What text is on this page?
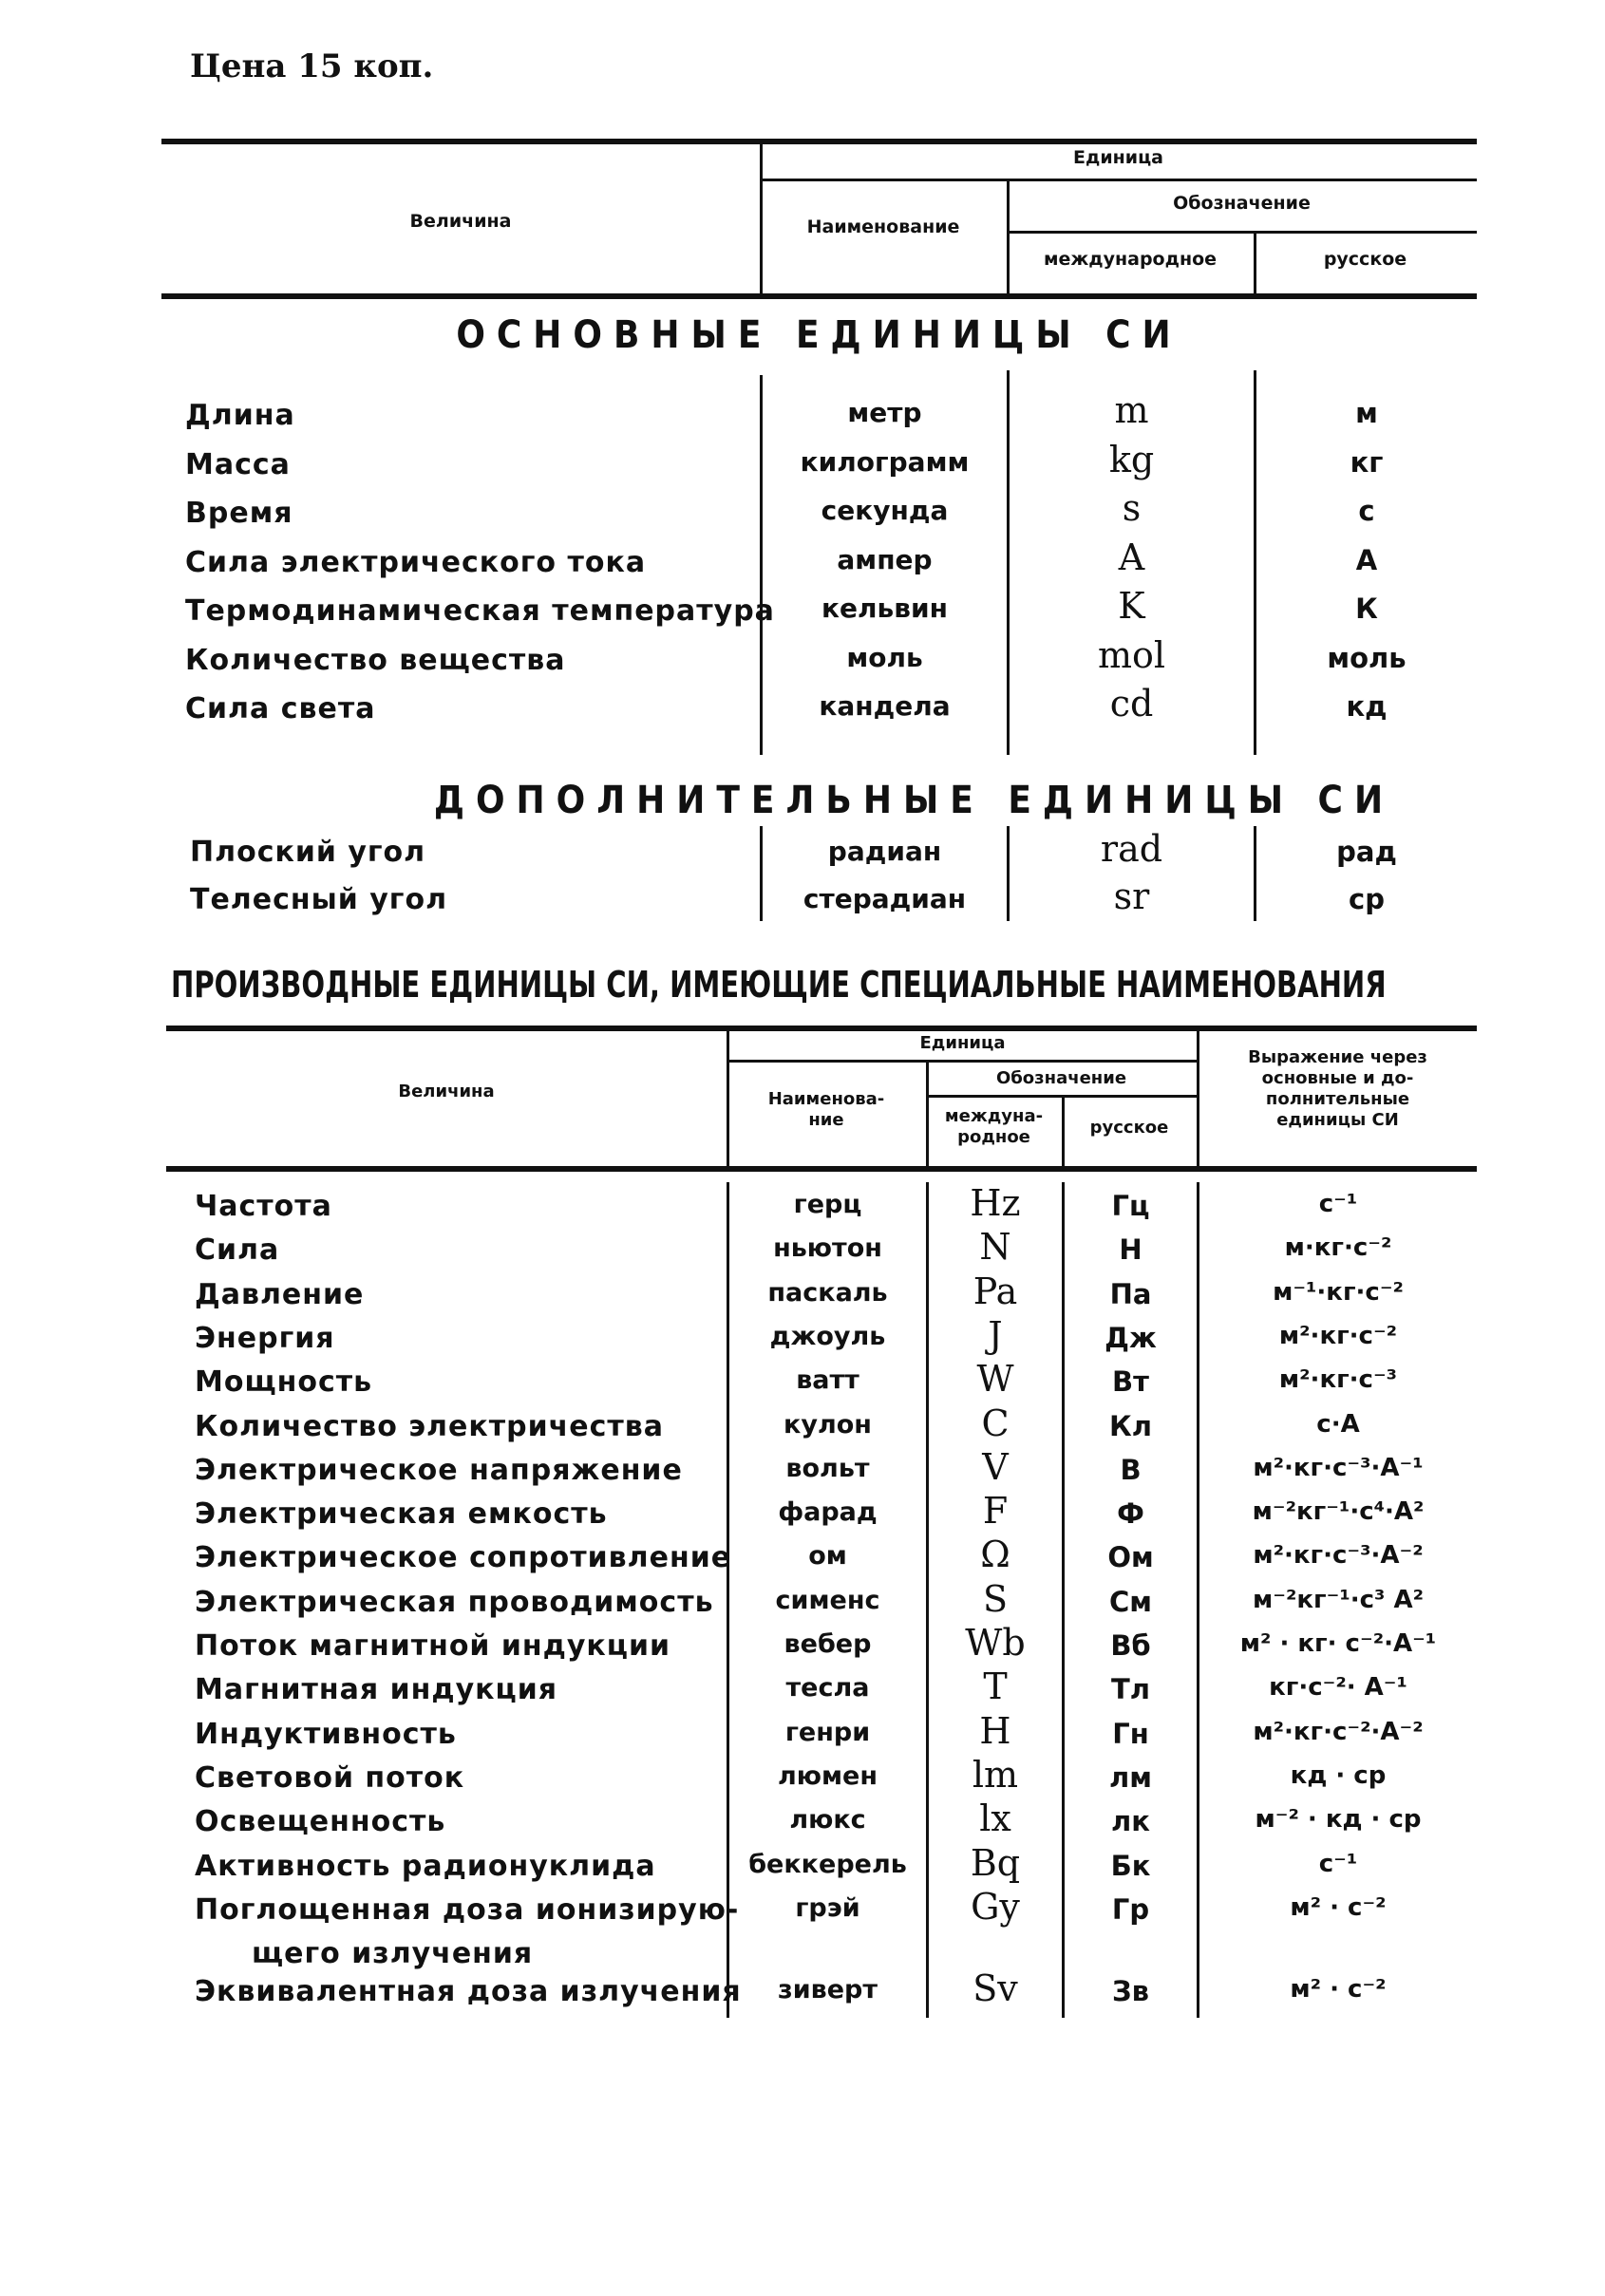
Цена 15 коп.
Величина
Единица
Наименование
Обозначение
международное	русское
ОСНОВНЫЕ ЕДИНИЦЫ СИ
Длина	метр	m	м
Масса	килограмм	kg	кг
Время	секунда	s	с
Сила электрического тока	ампер	A	А
Термодинамическая температура	кельвин	K	К
Количество вещества	моль	mol	моль
Сила света	кандела	cd	кд
ДОПОЛНИТЕЛЬНЫЕ ЕДИНИЦЫ СИ
Плоский угол	радиан	rad	рад
Телесный угол	стерадиан	sr	ср
ПРОИЗВОДНЫЕ ЕДИНИЦЫ СИ, ИМЕЮЩИЕ СПЕЦИАЛЬНЫЕ НАИМЕНОВАНИЯ
Величина
Единица
Наименова-
ние
Обозначение
междуна-
родное	русское
Выражение через
основные и до-
полнительные
единицы СИ
Частота	герц	Hz	Гц	с⁻¹
Сила	ньютон	N	Н	м·кг·с⁻²
Давление	паскаль	Pa	Па	м⁻¹·кг·с⁻²
Энергия	джоуль	J	Дж	м²·кг·с⁻²
Мощность	ватт	W	Вт	м²·кг·с⁻³
Количество электричества	кулон	C	Кл	с·А
Электрическое напряжение	вольт	V	В	м²·кг·с⁻³·А⁻¹
Электрическая емкость	фарад	F	Ф	м⁻²кг⁻¹·с⁴·А²
Электрическое сопротивление	ом	Ω	Ом	м²·кг·с⁻³·А⁻²
Электрическая проводимость	сименс	S	См	м⁻²кг⁻¹·с³ А²
Поток магнитной индукции	вебер	Wb	Вб	м² · кг· с⁻²·А⁻¹
Магнитная индукция	тесла	T	Тл	кг·с⁻²· А⁻¹
Индуктивность	генри	H	Гн	м²·кг·с⁻²·А⁻²
Световой поток	люмен	lm	лм	кд · ср
Освещенность	люкс	lx	лк	м⁻² · кд · ср
Активность радионуклида	беккерель	Bq	Бк	с⁻¹
Поглощенная доза ионизирую-	грэй	Gy	Гр	м² · с⁻²
щего излучения
Эквивалентная доза излучения	зиверт	Sv	Зв	м² · с⁻²
